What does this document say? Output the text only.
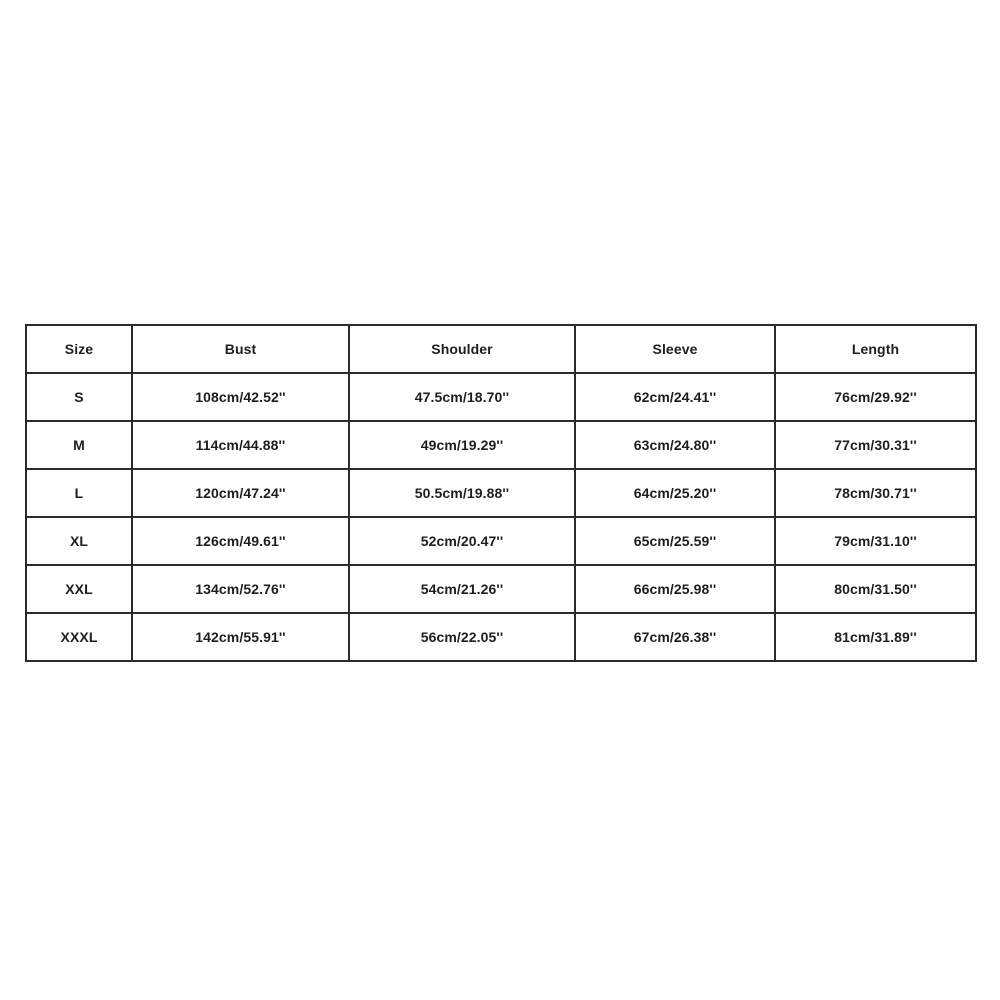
Size	Bust	Shoulder	Sleeve	Length
S	108cm/42.52''	47.5cm/18.70''	62cm/24.41''	76cm/29.92''
M	114cm/44.88''	49cm/19.29''	63cm/24.80''	77cm/30.31''
L	120cm/47.24''	50.5cm/19.88''	64cm/25.20''	78cm/30.71''
XL	126cm/49.61''	52cm/20.47''	65cm/25.59''	79cm/31.10''
XXL	134cm/52.76''	54cm/21.26''	66cm/25.98''	80cm/31.50''
XXXL	142cm/55.91''	56cm/22.05''	67cm/26.38''	81cm/31.89''
